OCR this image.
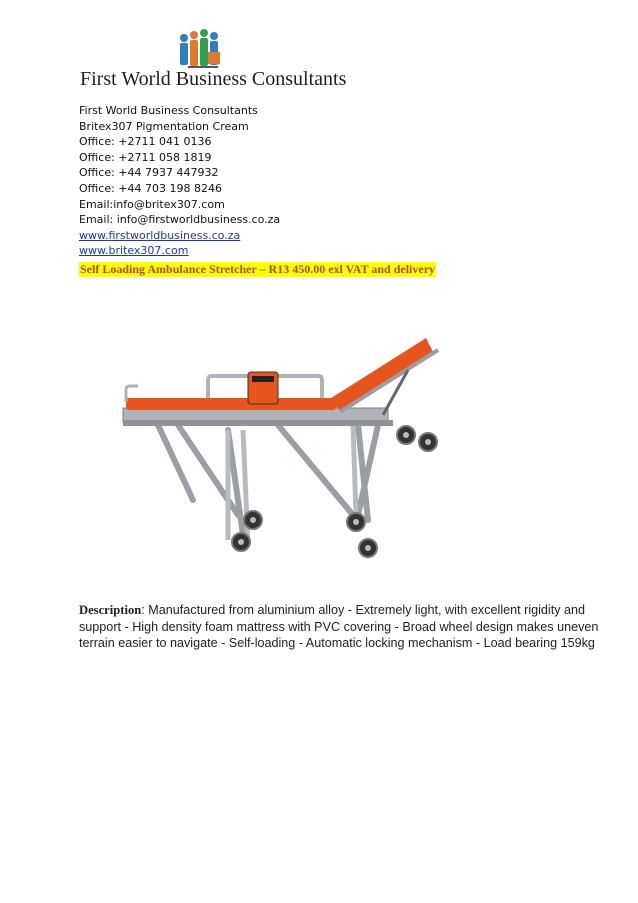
First World Business Consultants
First World Business Consultants
Britex307 Pigmentation Cream
Office: +2711 041 0136
Office: +2711 058 1819
Office: +44 7937 447932
Office: +44 703 198 8246
Email:info@britex307.com
Email: info@firstworldbusiness.co.za
www.firstworldbusiness.co.za
www.britex307.com
Self Loading Ambulance Stretcher – R13 450.00 exl VAT and delivery
Description: Manufactured from aluminium alloy - Extremely light, with excellent rigidity and support - High density foam mattress with PVC covering - Broad wheel design makes uneven terrain easier to navigate - Self-loading - Automatic locking mechanism - Load bearing 159kg
